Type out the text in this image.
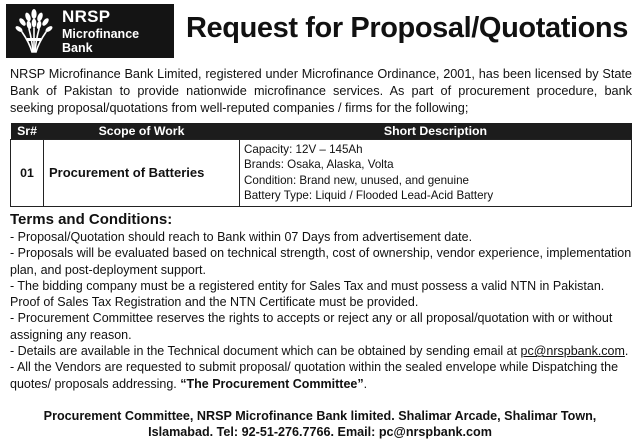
NRSP
Microfinance
Bank
Request for Proposal/Quotations

NRSP Microfinance Bank Limited, registered under Microfinance Ordinance, 2001, has been licensed by State Bank of Pakistan to provide nationwide microfinance services. As part of procurement procedure, bank seeking proposal/quotations from well-reputed companies / firms for the following;

Sr#	Scope of Work	Short Description
01	Procurement of Batteries	Capacity: 12V – 145Ah
Brands: Osaka, Alaska, Volta
Condition: Brand new, unused, and genuine
Battery Type: Liquid / Flooded Lead-Acid Battery
Terms and Conditions:
- Proposal/Quotation should reach to Bank within 07 Days from advertisement date.
- Proposals will be evaluated based on technical strength, cost of ownership, vendor experience, implementation plan, and post-deployment support.
- The bidding company must be a registered entity for Sales Tax and must possess a valid NTN in Pakistan. Proof of Sales Tax Registration and the NTN Certificate must be provided.
- Procurement Committee reserves the rights to accepts or reject any or all proposal/quotation with or without assigning any reason.
- Details are available in the Technical document which can be obtained by sending email at pc@nrspbank.com.
- All the Vendors are requested to submit proposal/ quotation within the sealed envelope while Dispatching the quotes/ proposals addressing. “The Procurement Committee”.
Procurement Committee, NRSP Microfinance Bank limited. Shalimar Arcade, Shalimar Town,
Islamabad. Tel: 92-51-276.7766. Email: pc@nrspbank.com
